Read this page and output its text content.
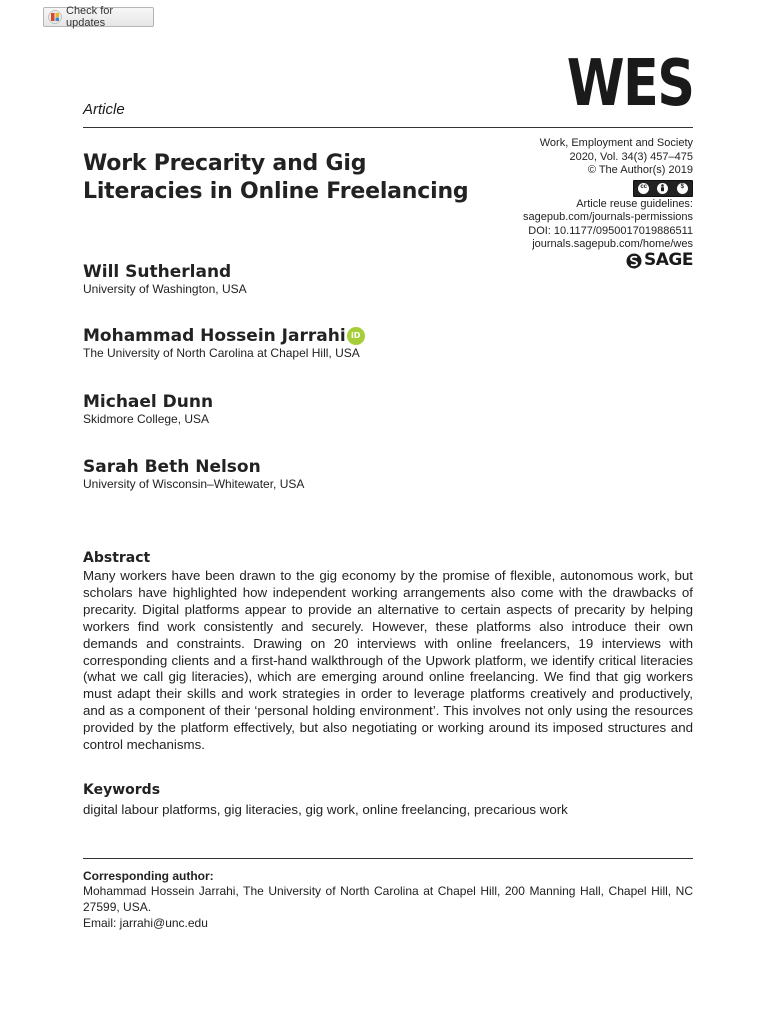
Check for updates
WES
Article
Work Precarity and Gig Literacies in Online Freelancing
Work, Employment and Society
2020, Vol. 34(3) 457–475
© The Author(s) 2019
cc	$
Article reuse guidelines:
sagepub.com/journals-permissions
DOI: 10.1177/0950017019886511
journals.sagepub.com/home/wes
SAGE
Will Sutherland
University of Washington, USA
Mohammad Hossein Jarrahi iD
The University of North Carolina at Chapel Hill, USA
Michael Dunn
Skidmore College, USA
Sarah Beth Nelson
University of Wisconsin–Whitewater, USA
Abstract

Many workers have been drawn to the gig economy by the promise of flexible, autonomous work, but scholars have highlighted how independent working arrangements also come with the drawbacks of precarity. Digital platforms appear to provide an alternative to certain aspects of precarity by helping workers find work consistently and securely. However, these platforms also introduce their own demands and constraints. Drawing on 20 interviews with online freelancers, 19 interviews with corresponding clients and a first-hand walkthrough of the Upwork platform, we identify critical literacies (what we call gig literacies), which are emerging around online freelancing. We find that gig workers must adapt their skills and work strategies in order to leverage platforms creatively and productively, and as a component of their ‘personal holding environment’. This involves not only using the resources provided by the platform effectively, but also negotiating or working around its imposed structures and control mechanisms.

Keywords
digital labour platforms, gig literacies, gig work, online freelancing, precarious work
Corresponding author:

Mohammad Hossein Jarrahi, The University of North Carolina at Chapel Hill, 200 Manning Hall, Chapel Hill, NC 27599, USA.

Email: jarrahi@unc.edu
